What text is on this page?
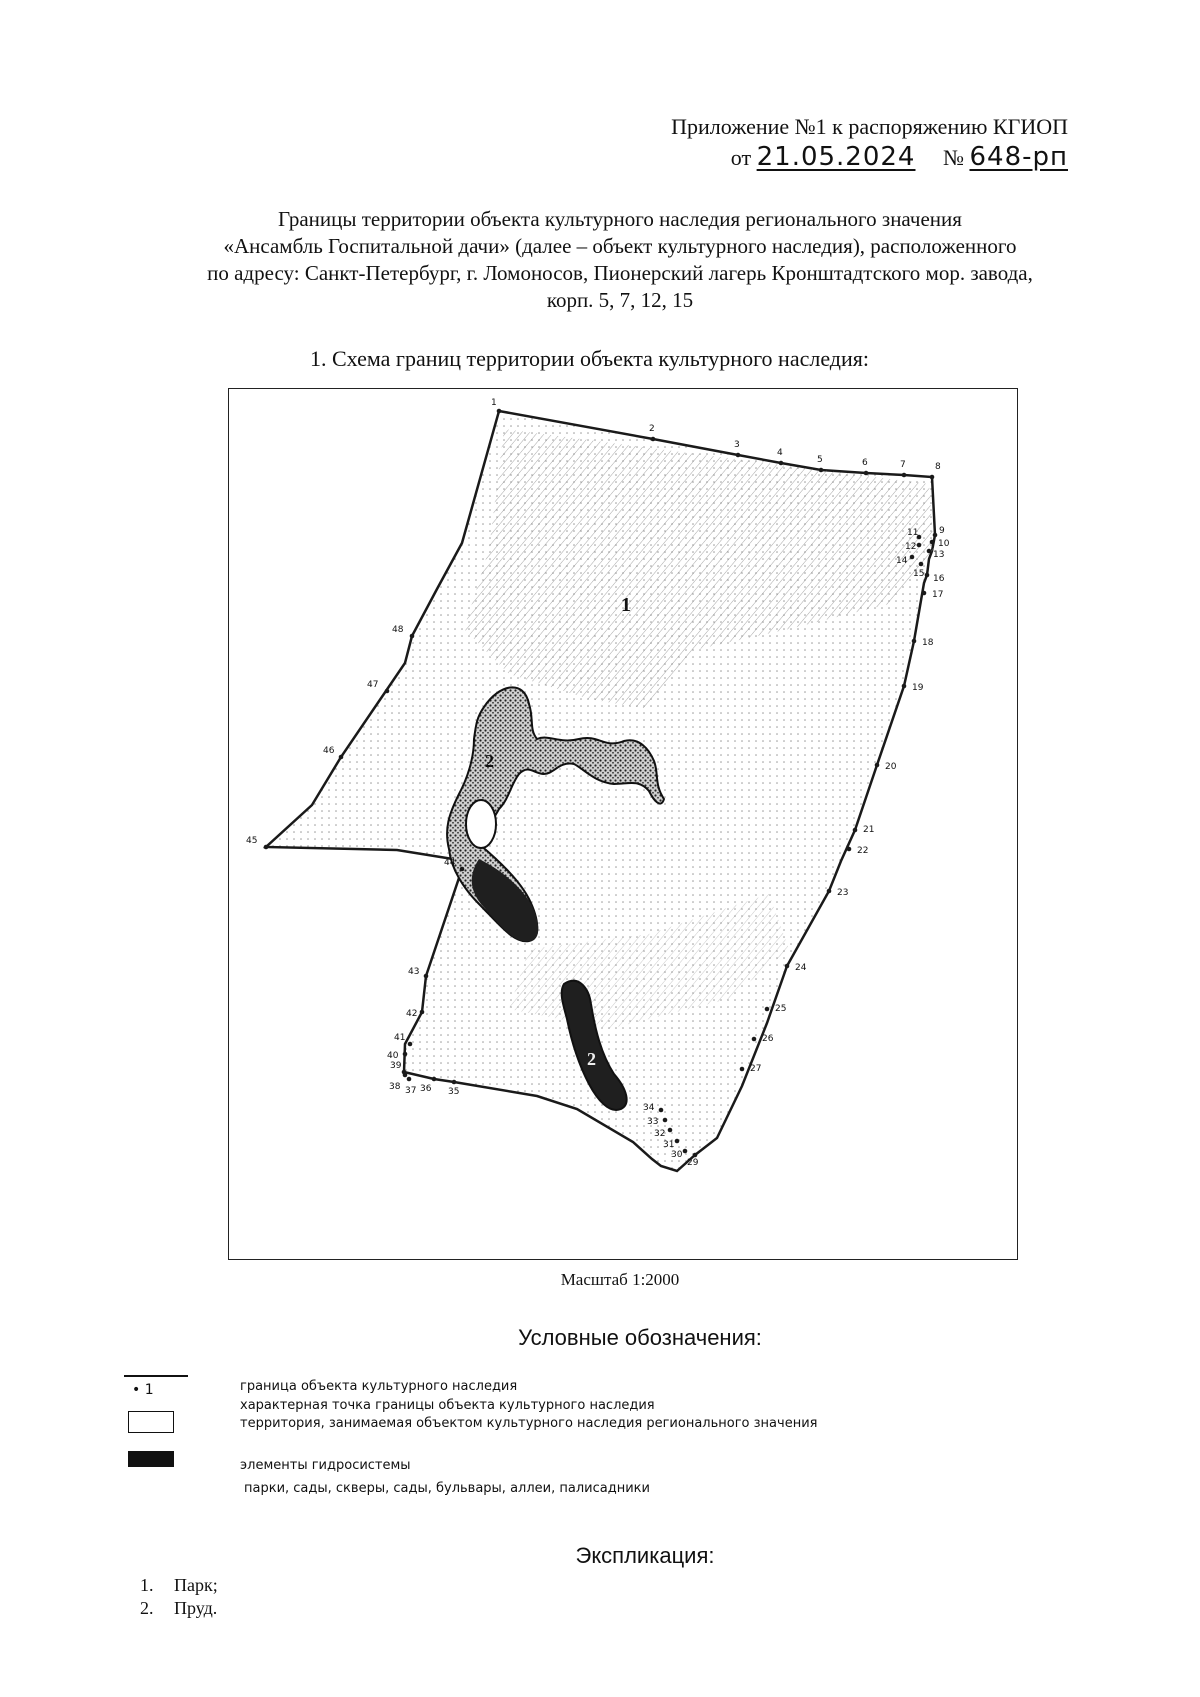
Приложение №1 к распоряжению КГИОП
от 21.05.2024 № 648-рп
Границы территории объекта культурного наследия регионального значения
«Ансамбль Госпитальной дачи» (далее – объект культурного наследия), расположенного
по адресу: Санкт-Петербург, г. Ломоносов, Пионерский лагерь Кронштадтского мор. завода,
корп. 5, 7, 12, 15
1. Схема границ территории объекта культурного наследия:
1
2
3
4
5	6	7	8
9
10
11
12
13
14
15 16
17
18
19
20
21
22
23
24
25
26
27
29
30
31
32
33
34
35
36
37
38
39
40
41
42
43
44
45
46
47
48
1
2
2
Масштаб 1:2000
Условные обозначения:
• 1	граница объекта культурного наследия
характерная точка границы объекта культурного наследия
территория, занимаемая объектом культурного наследия регионального значения
элементы гидросистемы
парки, сады, скверы, сады, бульвары, аллеи, палисадники
Экспликация:
1. Парк;
2. Пруд.
